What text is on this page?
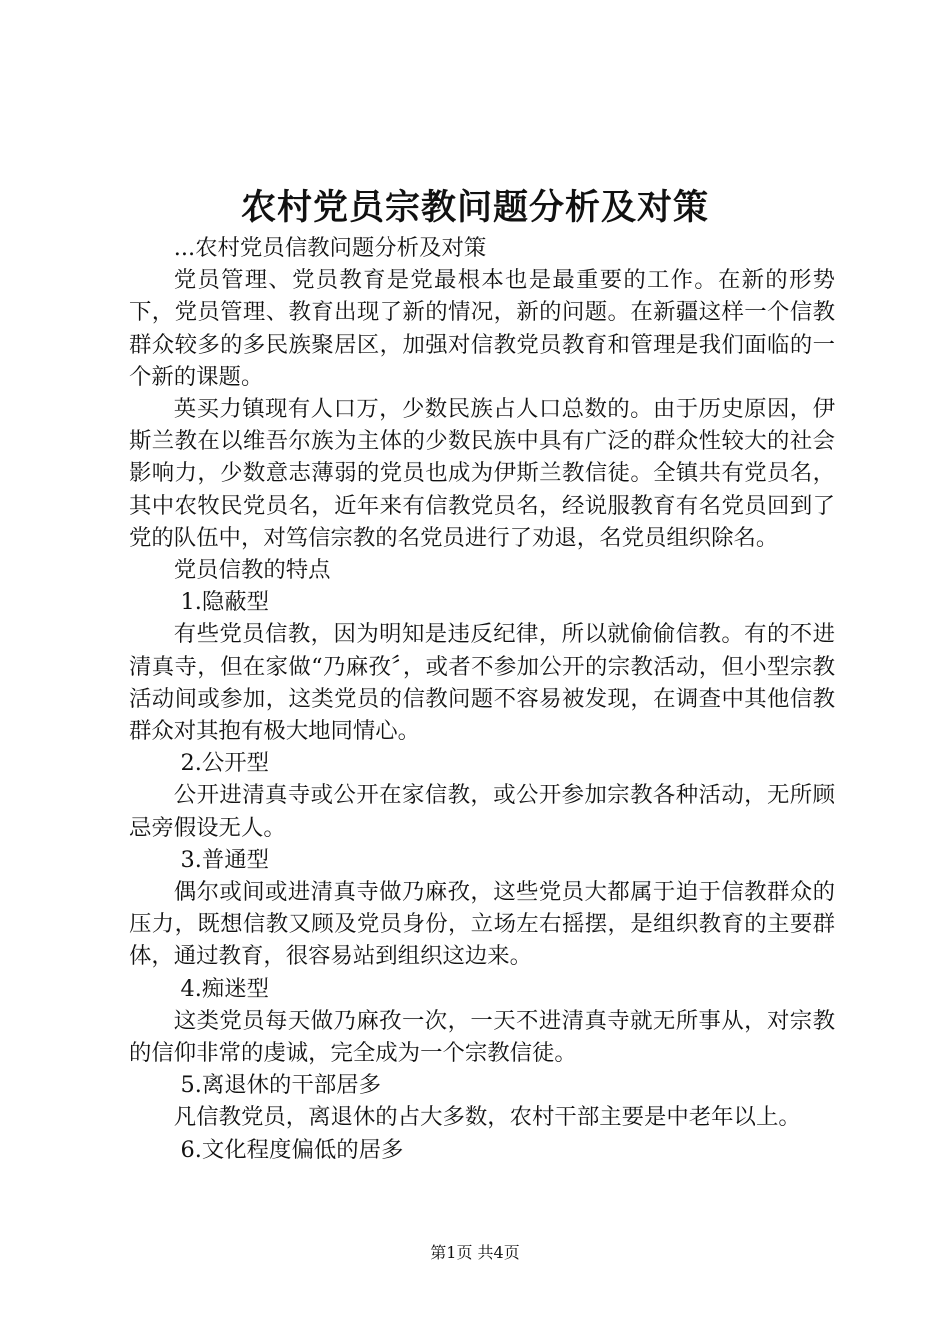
农村党员宗教问题分析及对策

...农村党员信教问题分析及对策

党员管理、党员教育是党最根本也是最重要的工作。在新的形势下，党员管理、教育出现了新的情况，新的问题。在新疆这样一个信教群众较多的多民族聚居区，加强对信教党员教育和管理是我们面临的一个新的课题。

英买力镇现有人口万，少数民族占人口总数的。由于历史原因，伊斯兰教在以维吾尔族为主体的少数民族中具有广泛的群众性较大的社会影响力，少数意志薄弱的党员也成为伊斯兰教信徒。全镇共有党员名，其中农牧民党员名，近年来有信教党员名，经说服教育有名党员回到了党的队伍中，对笃信宗教的名党员进行了劝退，名党员组织除名。

党员信教的特点

1.隐蔽型

有些党员信教，因为明知是违反纪律，所以就偷偷信教。有的不进清真寺，但在家做“乃麻孜〞，或者不参加公开的宗教活动，但小型宗教活动间或参加，这类党员的信教问题不容易被发现，在调查中其他信教群众对其抱有极大地同情心。

2.公开型

公开进清真寺或公开在家信教，或公开参加宗教各种活动，无所顾忌旁假设无人。

3.普通型

偶尔或间或进清真寺做乃麻孜，这些党员大都属于迫于信教群众的压力，既想信教又顾及党员身份，立场左右摇摆，是组织教育的主要群体，通过教育，很容易站到组织这边来。

4.痴迷型

这类党员每天做乃麻孜一次，一天不进清真寺就无所事从，对宗教的信仰非常的虔诚，完全成为一个宗教信徒。

5.离退休的干部居多

凡信教党员，离退休的占大多数，农村干部主要是中老年以上。

6.文化程度偏低的居多

第1页 共4页
